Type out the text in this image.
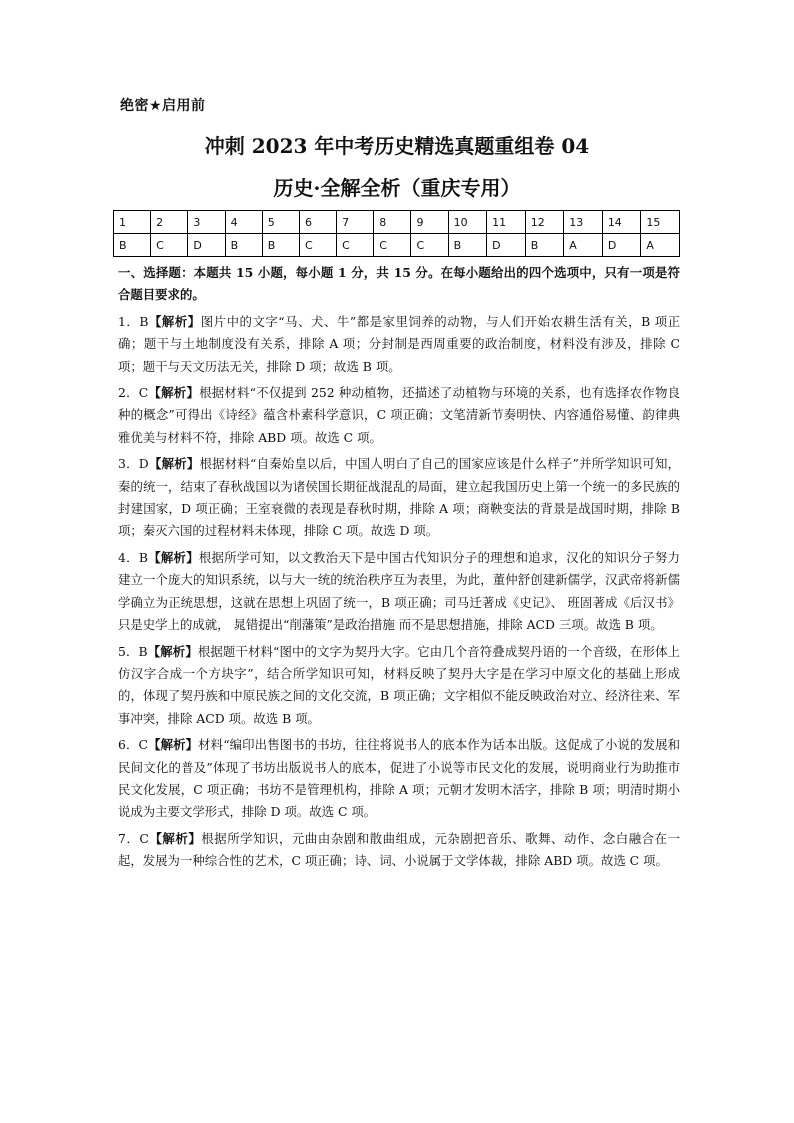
绝密★启用前
冲刺 2023 年中考历史精选真题重组卷 04
历史·全解全析（重庆专用）
1	2	3	4	5	6	7	8	9	10	11	12	13	14	15
B	C	D	B	B	C	C	C	C	B	D	B	A	D	A

一、选择题：本题共 15 小题，每小题 1 分，共 15 分。在每小题给出的四个选项中，只有一项是符合题目要求的。

1．B【解析】图片中的文字“马、犬、牛”都是家里饲养的动物，与人们开始农耕生活有关，B 项正确；题干与土地制度没有关系，排除 A 项；分封制是西周重要的政治制度，材料没有涉及，排除 C 项；题干与天文历法无关，排除 D 项；故选 B 项。

2．C【解析】根据材料“不仅提到 252 种动植物，还描述了动植物与环境的关系，也有选择农作物良种的概念”可得出《诗经》蕴含朴素科学意识，C 项正确；文笔清新节奏明快、内容通俗易懂、韵律典雅优美与材料不符，排除 ABD 项。故选 C 项。

3．D【解析】根据材料“自秦始皇以后，中国人明白了自己的国家应该是什么样子”并所学知识可知，秦的统一，结束了春秋战国以为诸侯国长期征战混乱的局面，建立起我国历史上第一个统一的多民族的封建国家，D 项正确；王室衰微的表现是春秋时期，排除 A 项；商鞅变法的背景是战国时期，排除 B 项；秦灭六国的过程材料未体现，排除 C 项。故选 D 项。

4．B【解析】根据所学可知，以文教治天下是中国古代知识分子的理想和追求，汉化的知识分子努力建立一个庞大的知识系统，以与大一统的统治秩序互为表里，为此，董仲舒创建新儒学，汉武帝将新儒学确立为正统思想，这就在思想上巩固了统一，B 项正确；司马迁著成《史记》、 班固著成《后汉书》只是史学上的成就， 晁错提出“削藩策”是政治措施 而不是思想措施，排除 ACD 三项。故选 B 项。

5．B【解析】根据题干材料“图中的文字为契丹大字。它由几个音符叠成契丹语的一个音级，在形体上仿汉字合成一个方块字”，结合所学知识可知，材料反映了契丹大字是在学习中原文化的基础上形成的，体现了契丹族和中原民族之间的文化交流，B 项正确；文字相似不能反映政治对立、经济往来、军事冲突，排除 ACD 项。故选 B 项。

6．C【解析】材料“编印出售图书的书坊，往往将说书人的底本作为话本出版。这促成了小说的发展和民间文化的普及”体现了书坊出版说书人的底本，促进了小说等市民文化的发展，说明商业行为助推市民文化发展，C 项正确；书坊不是管理机构，排除 A 项；元朝才发明木活字，排除 B 项；明清时期小说成为主要文学形式，排除 D 项。故选 C 项。

7．C【解析】根据所学知识，元曲由杂剧和散曲组成，元杂剧把音乐、歌舞、动作、念白融合在一起，发展为一种综合性的艺术，C 项正确；诗、词、小说属于文学体裁，排除 ABD 项。故选 C 项。
